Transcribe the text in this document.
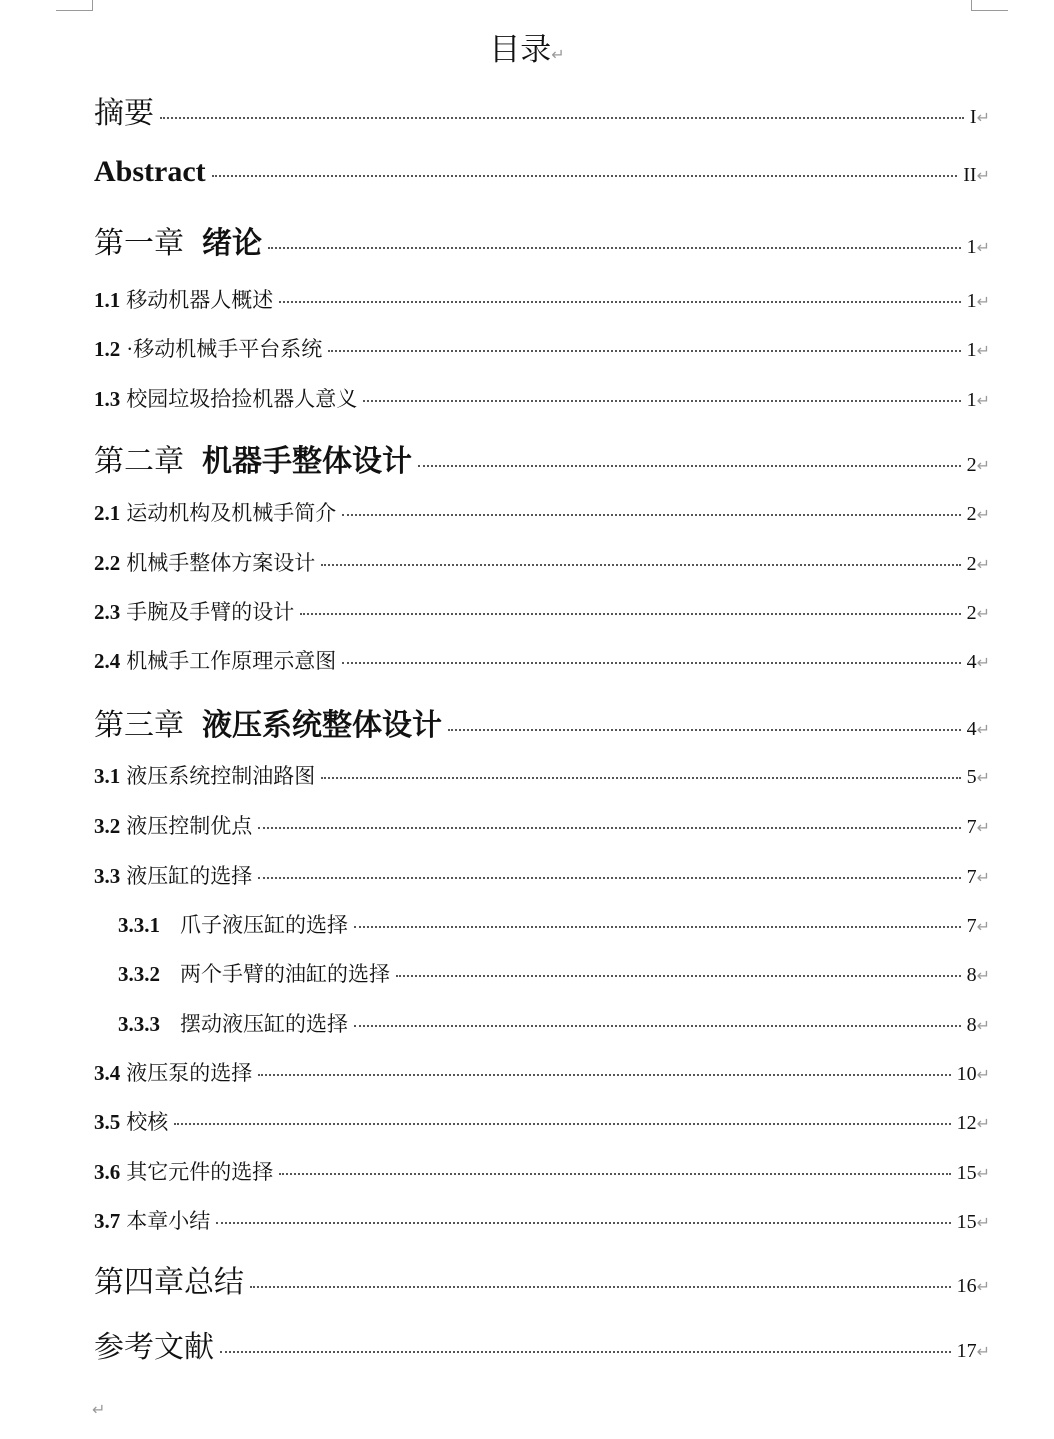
目录↵
摘要	I ↵
Abstract	II ↵
第一章 绪论	1 ↵
1.1 移动机器人概述	1 ↵
1.2 ·移动机械手平台系统	1 ↵
1.3 校园垃圾拾捡机器人意义	1 ↵
第二章 机器手整体设计	2 ↵
2.1 运动机构及机械手简介	2 ↵
2.2 机械手整体方案设计	2 ↵
2.3 手腕及手臂的设计	2 ↵
2.4 机械手工作原理示意图	4 ↵
第三章 液压系统整体设计	4 ↵
3.1 液压系统控制油路图	5 ↵
3.2 液压控制优点	7 ↵
3.3 液压缸的选择	7 ↵
3.3.1 爪子液压缸的选择	7 ↵
3.3.2 两个手臂的油缸的选择	8 ↵
3.3.3 摆动液压缸的选择	8 ↵
3.4 液压泵的选择	10 ↵
3.5 校核	12 ↵
3.6 其它元件的选择	15 ↵
3.7 本章小结	15 ↵
第四章总结	16 ↵
参考文献	17 ↵
↵
